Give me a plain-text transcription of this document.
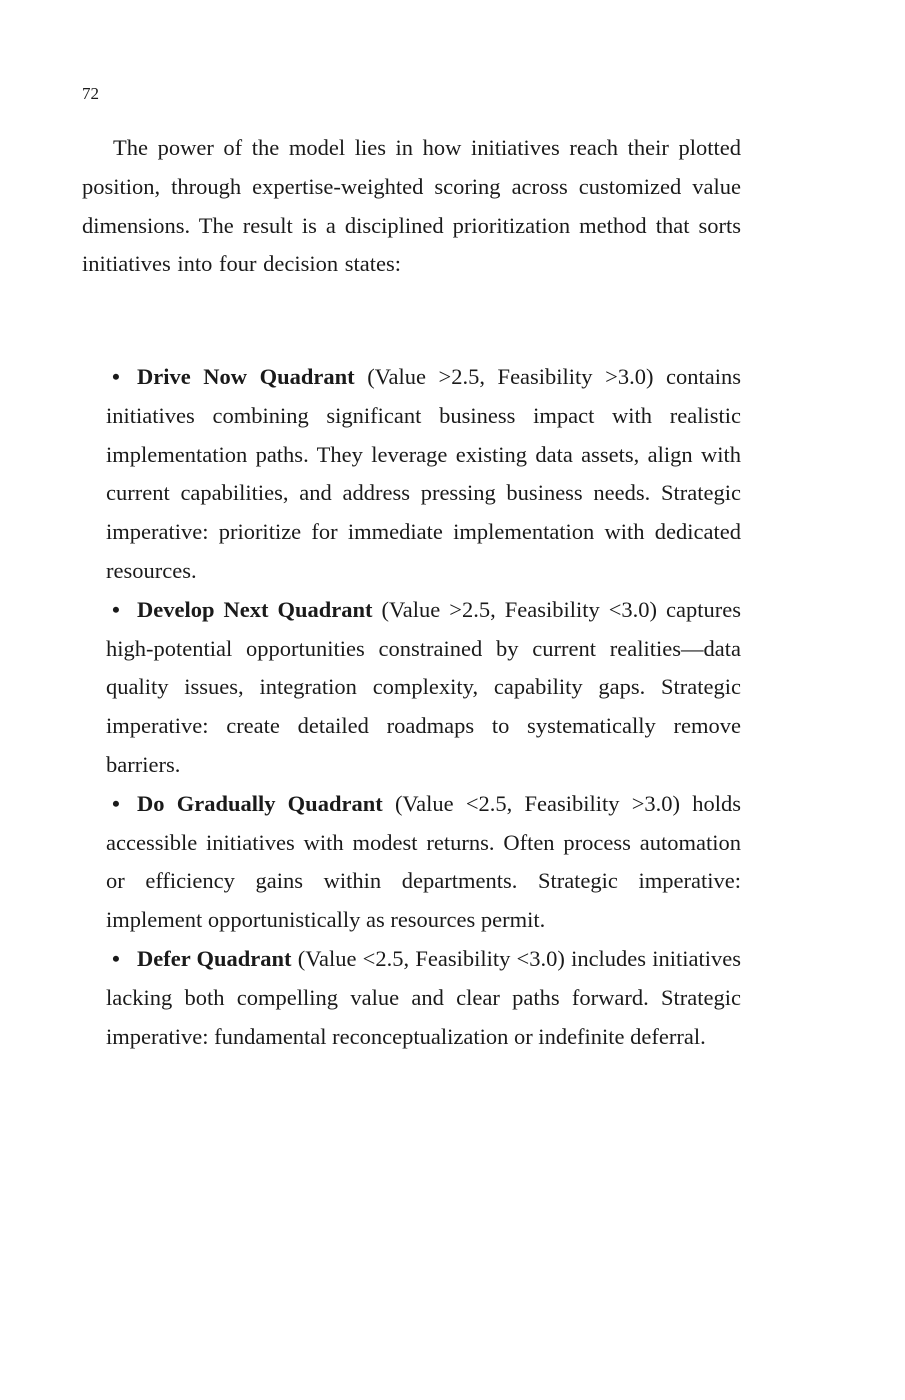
72

The power of the model lies in how initiatives reach their plotted position, through expertise-weighted scoring across customized value dimensions. The result is a disciplined prioritization method that sorts initiatives into four decision states:

• Drive Now Quadrant (Value >2.5, Feasibility >3.0) contains initiatives combining significant business impact with realistic implementation paths. They leverage existing data assets, align with current capabilities, and address pressing business needs. Strategic imperative: prioritize for immediate implementation with dedicated resources.
• Develop Next Quadrant (Value >2.5, Feasibility <3.0) captures high-potential opportunities constrained by current realities—data quality issues, integration complexity, capability gaps. Strategic imperative: create detailed roadmaps to systematically remove barriers.
• Do Gradually Quadrant (Value <2.5, Feasibility >3.0) holds accessible initiatives with modest returns. Often process automation or efficiency gains within departments. Strategic imperative: implement opportunistically as resources permit.
• Defer Quadrant (Value <2.5, Feasibility <3.0) includes initiatives lacking both compelling value and clear paths forward. Strategic imperative: fundamental reconceptualization or indefinite deferral.
